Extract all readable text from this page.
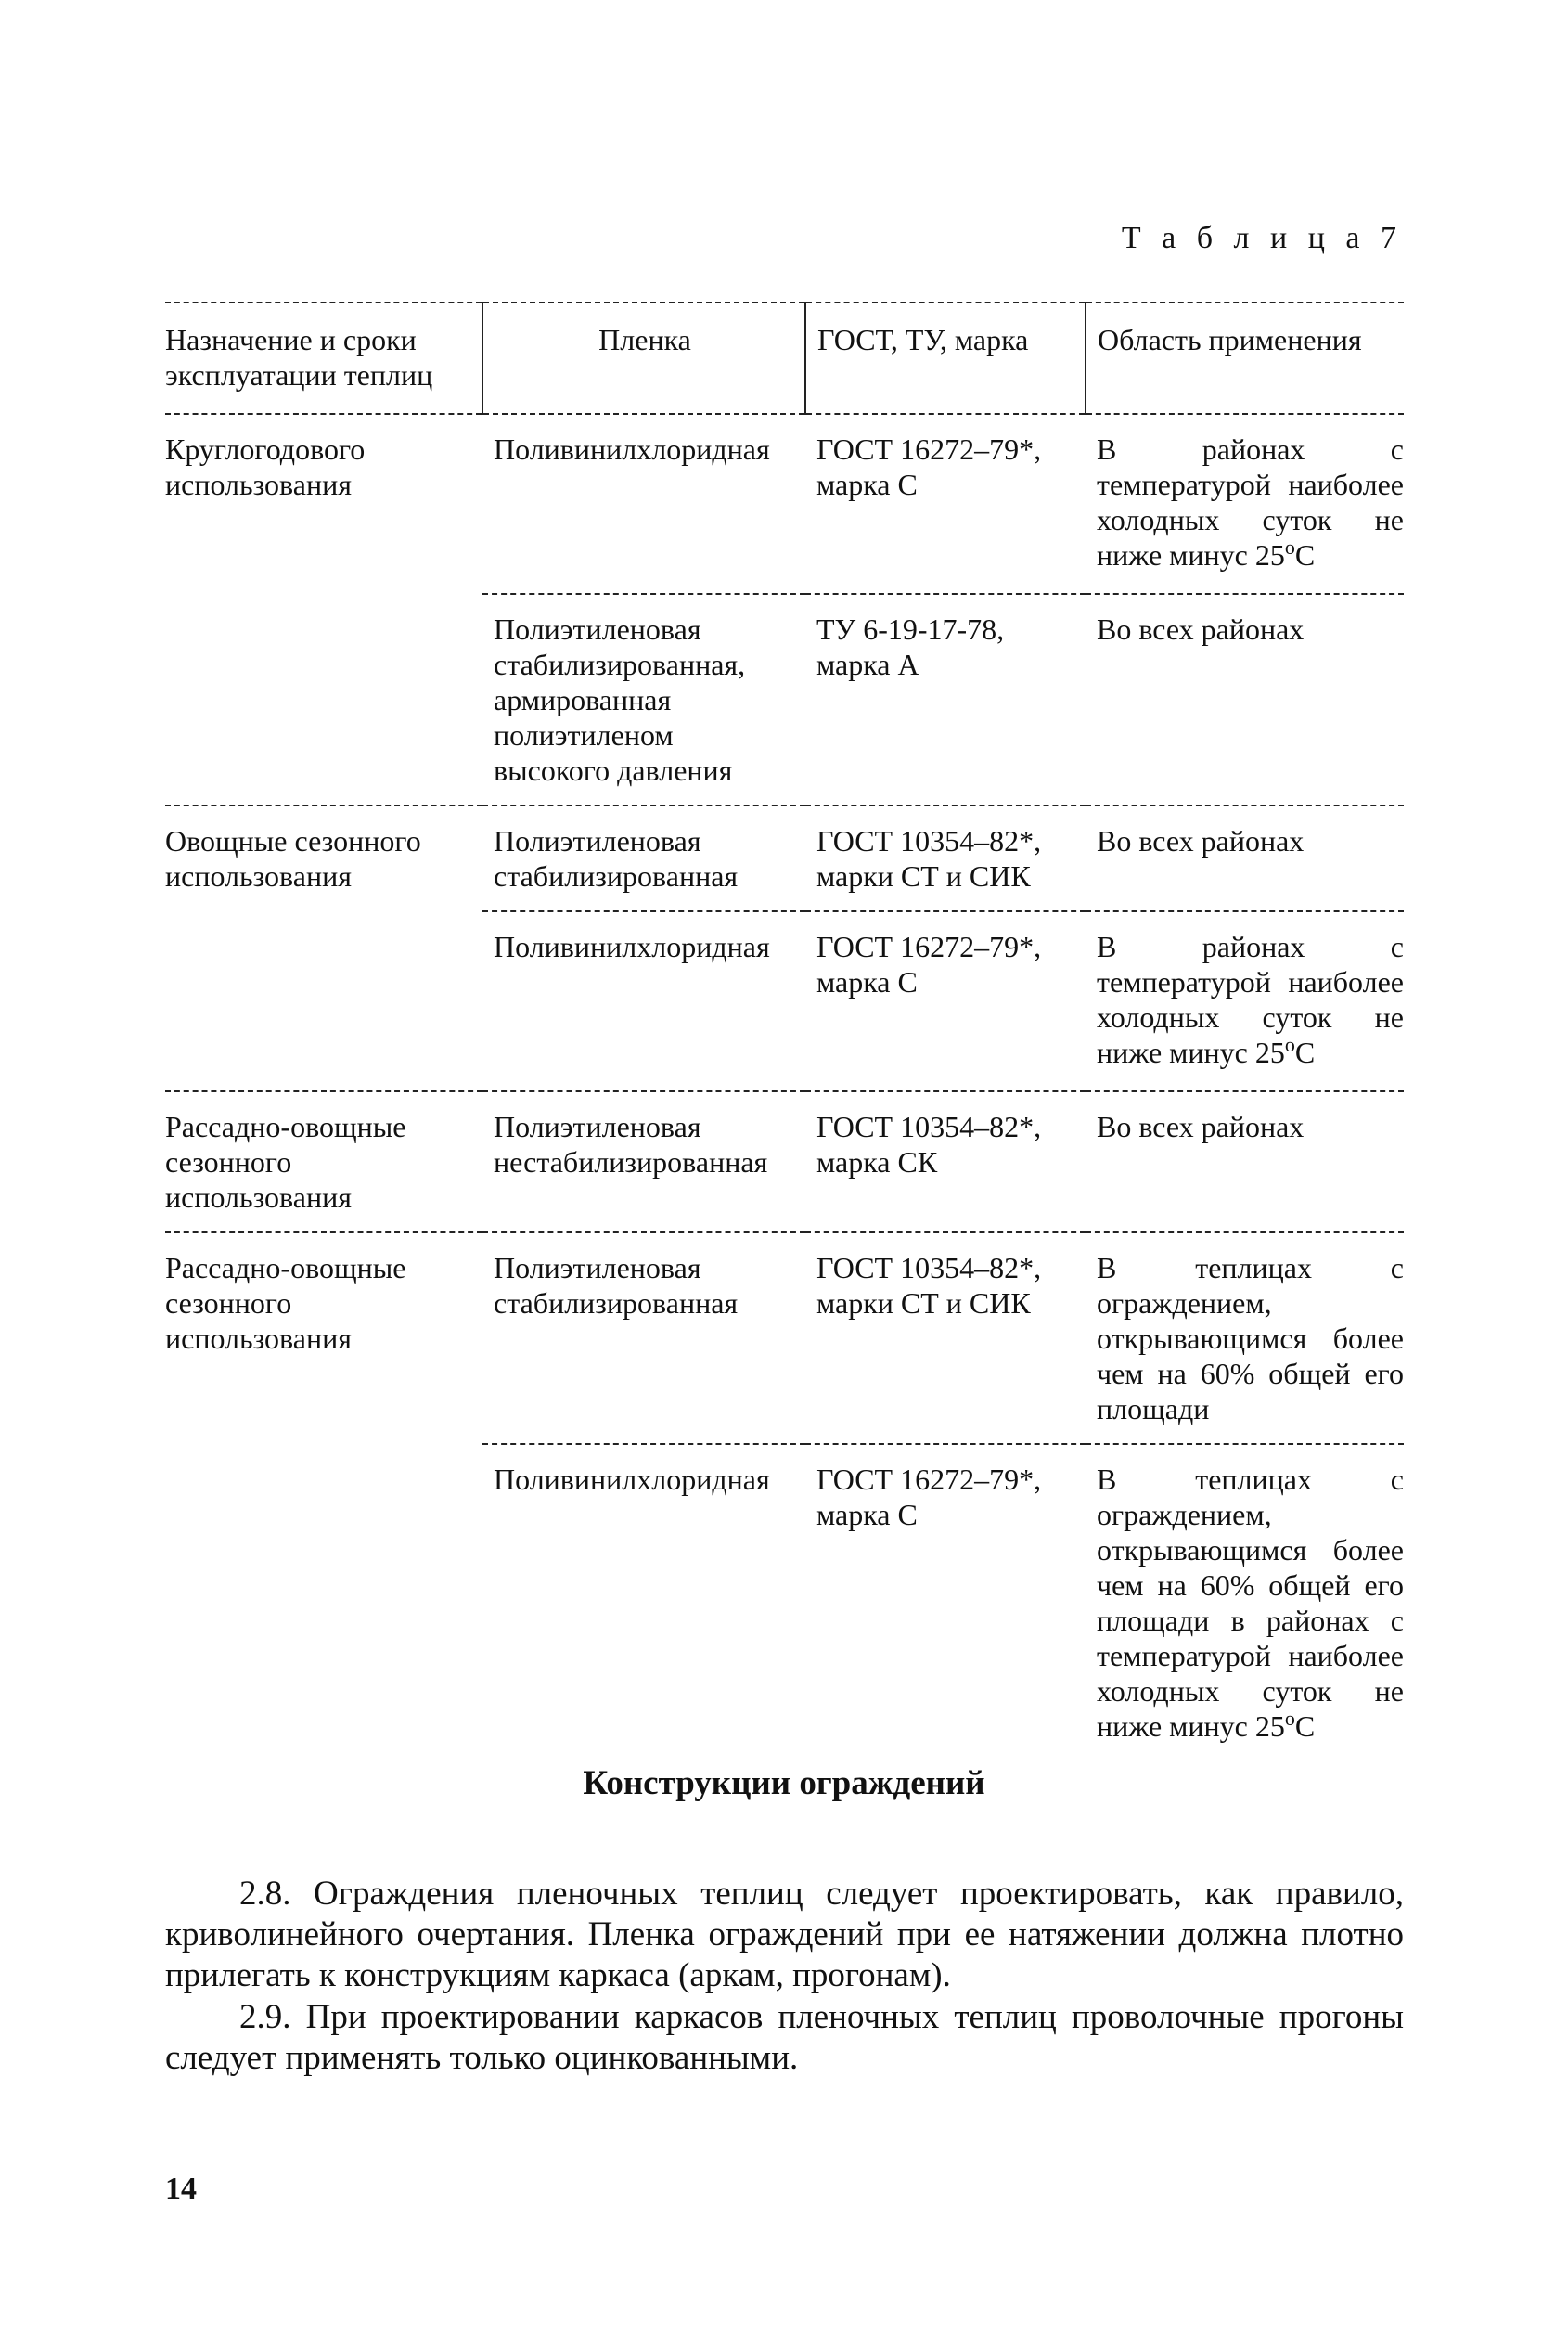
Т а б л и ц а 7
Назначение и сроки эксплуатации теплиц	Пленка	ГОСТ, ТУ, марка	Область применения
Круглогодового использования	Поливинилхлоридная	ГОСТ 16272–79*, марка С	В районах с температурой наиболее холодных суток не ниже минус 25$^o$С
	Полиэтиленовая стабилизированная, армированная полиэтиленом высокого давления	ТУ 6-19-17-78, марка А	Во всех районах
Овощные сезонного использования	Полиэтиленовая стабилизированная	ГОСТ 10354–82*, марки СТ и СИК	Во всех районах
	Поливинилхлоридная	ГОСТ 16272–79*, марка С	В районах с температурой наиболее холодных суток не ниже минус 25$^o$С
Рассадно-овощные сезонного использования	Полиэтиленовая нестабилизированная	ГОСТ 10354–82*, марка СК	Во всех районах
Рассадно-овощные сезонного использования	Полиэтиленовая стабилизированная	ГОСТ 10354–82*, марки СТ и СИК	В теплицах с ограждением, открывающимся более чем на 60% общей его площади
	Поливинилхлоридная	ГОСТ 16272–79*, марка С	В теплицах с ограждением, открывающимся более чем на 60% общей его площади в районах с температурой наиболее холодных суток не ниже минус 25$^o$С
Конструкции ограждений

2.8. Ограждения пленочных теплиц следует проектировать, как правило, криволинейного очертания. Пленка ограждений при ее натяжении должна плотно прилегать к конструкциям каркаса (аркам, прогонам).

2.9. При проектировании каркасов пленочных теплиц проволочные прогоны следует применять только оцинкованными.

14
